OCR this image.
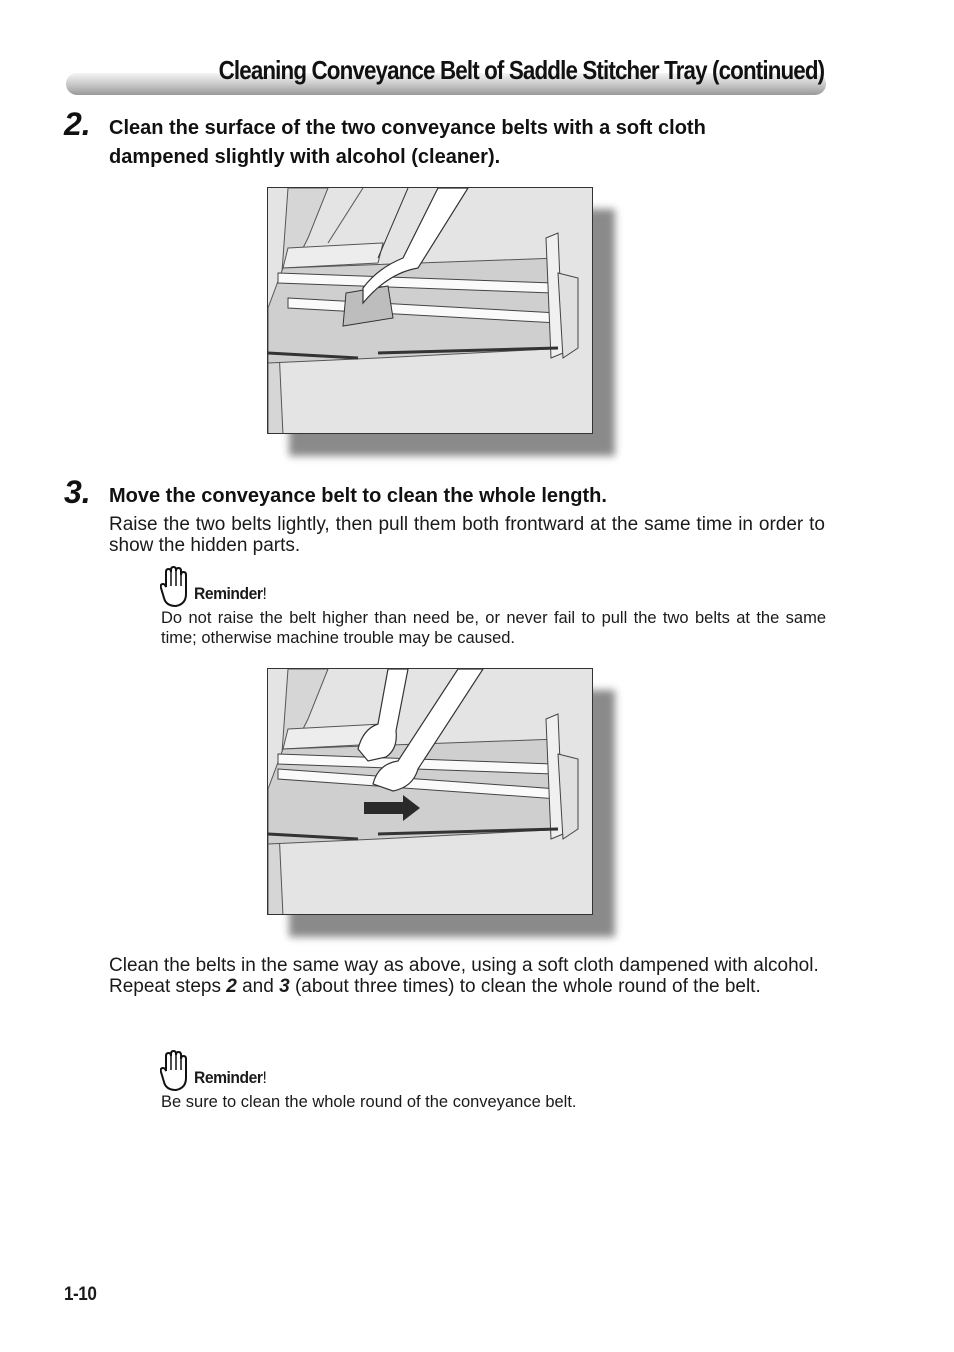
Cleaning Conveyance Belt of Saddle Stitcher Tray (continued)
2. Clean the surface of the two conveyance belts with a soft cloth
dampened slightly with alcohol (cleaner).
3. Move the conveyance belt to clean the whole length.
Raise the two belts lightly, then pull them both frontward at the same time in order to show the hidden parts.
Reminder!
Do not raise the belt higher than need be, or never fail to pull the two belts at the same time; otherwise machine trouble may be caused.
Clean the belts in the same way as above, using a soft cloth dampened with alcohol.
Repeat steps 2 and 3 (about three times) to clean the whole round of the belt.
Reminder!
Be sure to clean the whole round of the conveyance belt.
1-10
